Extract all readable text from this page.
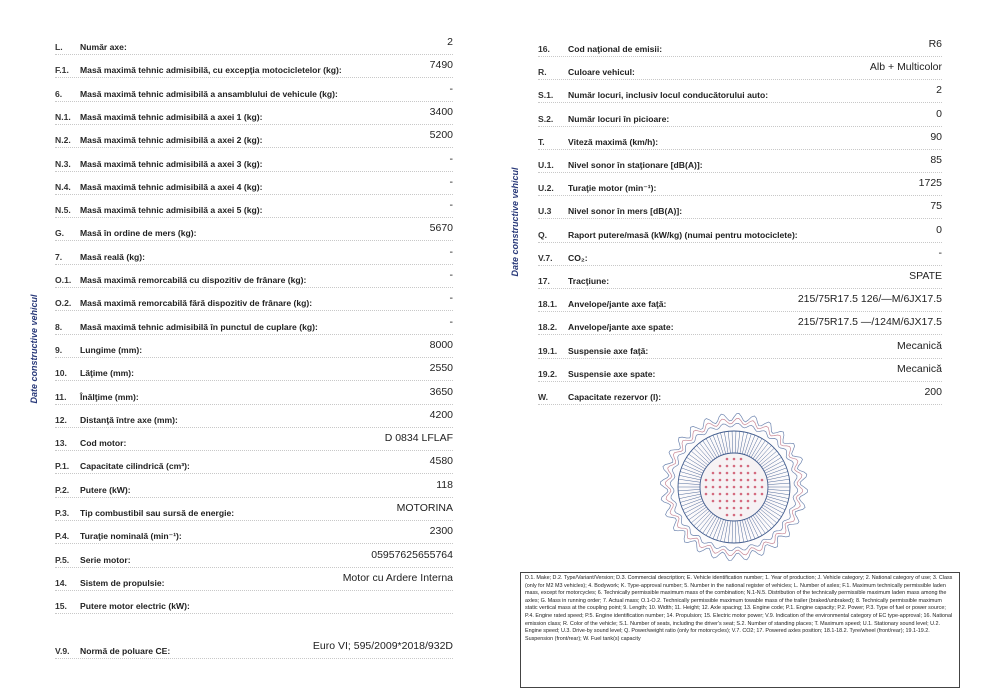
Date constructive vehicul
Date constructive vehicul
L. Număr axe:	2
F.1. Masă maximă tehnic admisibilă, cu excepţia motocicletelor (kg):	7490
6. Masă maximă tehnic admisibilă a ansamblului de vehicule (kg):	-
N.1. Masă maximă tehnic admisibilă a axei 1 (kg):	3400
N.2. Masă maximă tehnic admisibilă a axei 2 (kg):	5200
N.3. Masă maximă tehnic admisibilă a axei 3 (kg):	-
N.4. Masă maximă tehnic admisibilă a axei 4 (kg):	-
N.5. Masă maximă tehnic admisibilă a axei 5 (kg):	-
G. Masă în ordine de mers (kg):	5670
7. Masă reală (kg):	-
O.1. Masă maximă remorcabilă cu dispozitiv de frânare (kg):	-
O.2. Masă maximă remorcabilă fără dispozitiv de frânare (kg):	-
8. Masă maximă tehnic admisibilă în punctul de cuplare (kg):	-
9. Lungime (mm):	8000
10. Lăţime (mm):	2550
11. Înălţime (mm):	3650
12. Distanţă între axe (mm):	4200
13. Cod motor:	D 0834 LFLAF
P.1. Capacitate cilindrică (cm³):	4580
P.2. Putere (kW):	118
P.3. Tip combustibil sau sursă de energie:	MOTORINA
P.4. Turaţie nominală (min⁻¹):	2300
P.5. Serie motor:	05957625655764
14. Sistem de propulsie:	Motor cu Ardere Interna
15. Putere motor electric (kW):
V.9. Normă de poluare CE:	Euro VI; 595/2009*2018/932D
16. Cod naţional de emisii:	R6
R. Culoare vehicul:	Alb + Multicolor
S.1. Număr locuri, inclusiv locul conducătorului auto:	2
S.2. Număr locuri în picioare:	0
T.	Viteză maximă (km/h):	90
U.1. Nivel sonor în staţionare [dB(A)]:	85
U.2. Turaţie motor (min⁻¹):	1725
U.3 Nivel sonor în mers [dB(A)]:	75
Q. Raport putere/masă (kW/kg) (numai pentru motociclete):	0
V.7. CO₂:	-
17. Tracţiune:	SPATE
18.1. Anvelope/jante axe faţă:	215/75R17.5 126/—M/6JX17.5
18.2. Anvelope/jante axe spate:	215/75R17.5 —/124M/6JX17.5
19.1. Suspensie axe faţă:	Mecanică
19.2. Suspensie axe spate:	Mecanică
W. Capacitate rezervor (l):	200
D.1. Make; D.2. Type/Variant/Version; D.3. Commercial description; E. Vehicle identification number; 1. Year of production; J. Vehicle category; 2. National category of use; 3. Class (only for M2 M3 vehicles); 4. Bodywork; K. Type-approval number; 5. Number in the national register of vehicles; L. Number of axles; F.1. Maximum technically permissible laden mass, except for motorcycles; 6. Technically permissible maximum mass of the combination; N.1-N.5. Distribution of the technically permissible maximum laden mass among the axles; G. Mass in running order; 7. Actual mass; O.1-O.2. Technically permissible maximum towable mass of the trailer (braked/unbraked); 8. Technically permissible maximum static vertical mass at the coupling point; 9. Length; 10. Width; 11. Height; 12. Axle spacing; 13. Engine code; P.1. Engine capacity; P.2. Power; P.3. Type of fuel or power source; P.4. Engine rated speed; P.5. Engine identification number; 14. Propulsion; 15. Electric motor power; V.9. Indication of the environmental category of EC type-approval; 16. National emission class; R. Color of the vehicle; S.1. Number of seats, including the driver's seat; S.2. Number of standing places; T. Maximum speed; U.1. Stationary sound level; U.2. Engine speed; U.3. Drive-by sound level; Q. Power/weight ratio (only for motorcycles); V.7. CO2; 17. Powered axles position; 18.1-18.2. Tyre/wheel (front/rear); 19.1-19.2. Suspension (front/rear); W. Fuel tank(s) capacity
